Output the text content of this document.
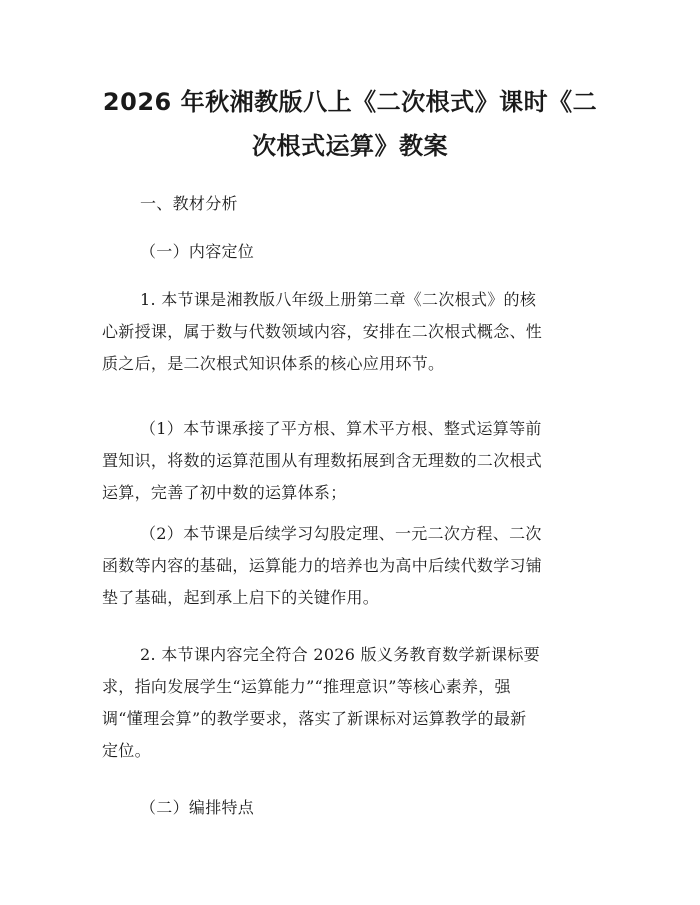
2026 年秋湘教版八上《二次根式》课时《二
次根式运算》教案

一、教材分析

（一）内容定位

1. 本节课是湘教版八年级上册第二章《二次根式》的核
心新授课，属于数与代数领域内容，安排在二次根式概念、性
质之后，是二次根式知识体系的核心应用环节。

（1）本节课承接了平方根、算术平方根、整式运算等前
置知识，将数的运算范围从有理数拓展到含无理数的二次根式
运算，完善了初中数的运算体系；

（2）本节课是后续学习勾股定理、一元二次方程、二次
函数等内容的基础，运算能力的培养也为高中后续代数学习铺
垫了基础，起到承上启下的关键作用。

2. 本节课内容完全符合 2026 版义务教育数学新课标要
求，指向发展学生“运算能力”“推理意识”等核心素养，强
调“懂理会算”的教学要求，落实了新课标对运算教学的最新
定位。

（二）编排特点
